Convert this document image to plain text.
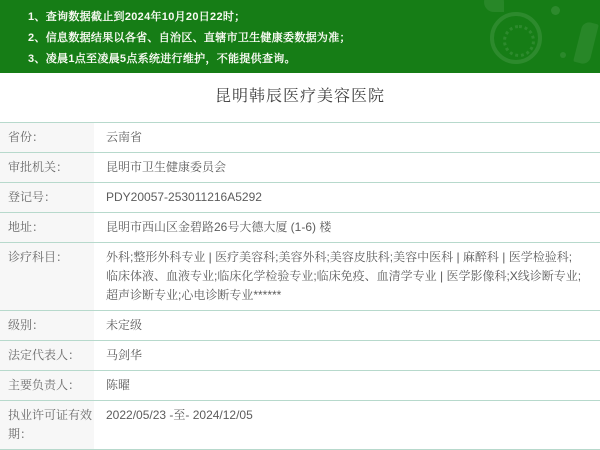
1、查询数据截止到2024年10月20日22时；
2、信息数据结果以各省、自治区、直辖市卫生健康委数据为准；
3、凌晨1点至凌晨5点系统进行维护，不能提供查询。
昆明韩辰医疗美容医院
省份：	云南省
审批机关：	昆明市卫生健康委员会
登记号：	PDY20057-253011216A5292
地址：	昆明市西山区金碧路26号大德大厦 (1-6) 楼
诊疗科目：	外科;整形外科专业 | 医疗美容科;美容外科;美容皮肤科;美容中医科 | 麻醉科 | 医学检验科;临床体液、血液专业;临床化学检验专业;临床免疫、血清学专业 | 医学影像科;X线诊断专业;超声诊断专业;心电诊断专业******
级别：	未定级
法定代表人：	马剑华
主要负责人：	陈曜
执业许可证有效期：
2022/05/23 -至- 2024/12/05
